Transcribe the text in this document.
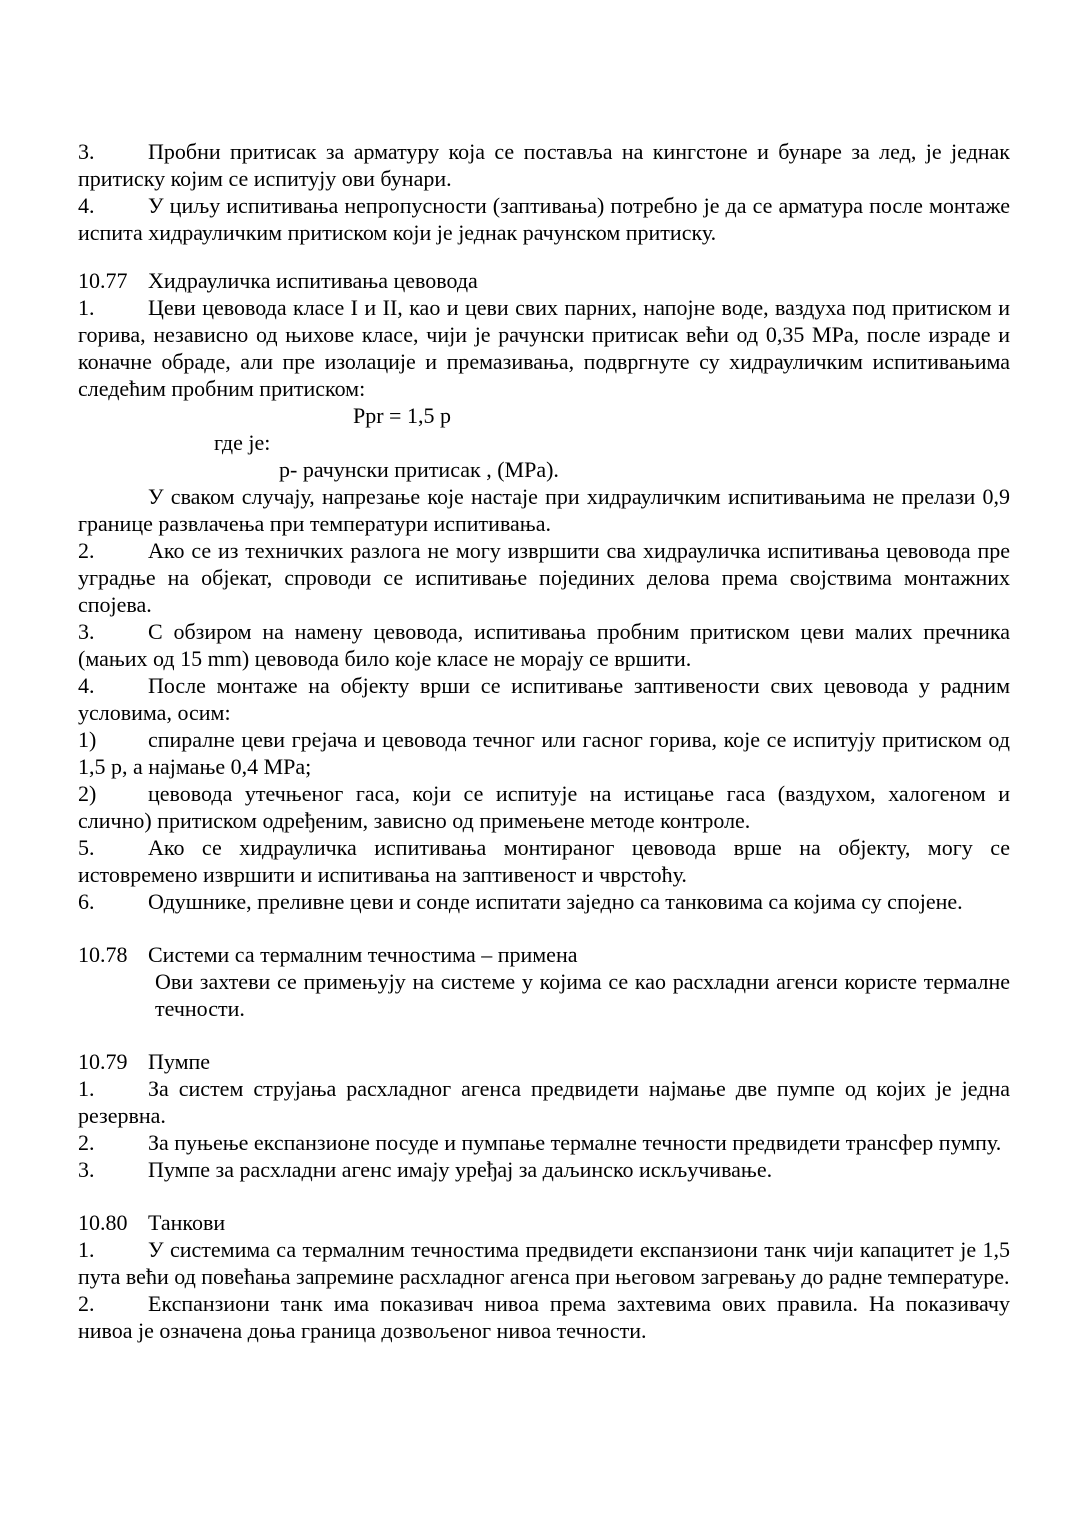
3. Пробни притисак за арматуру која се поставља на кингстоне и бунаре за лед, је једнак притиску којим се испитују ови бунари.

4. У циљу испитивања непропусности (заптивања) потребно је да се арматура после монтаже испита хидрауличким притиском који је једнак рачунском притиску.

10.77 Хидрауличка испитивања цевовода

1. Цеви цевовода класе I и II, као и цеви свих парних, напојне воде, ваздуха под притиском и горива, независно од њихове класе, чији је рачунски притисак већи од 0,35 MPa, после израде и коначне обраде, али пре изолације и премазивања, подвргнуте су хидрауличким испитивањима следећим пробним притиском:

Ppr = 1,5 p

где је:

p- рачунски притисак , (MPa).

У сваком случају, напрезање које настаје при хидрауличким испитивањима не прелази 0,9 границе развлачења при температури испитивања.

2. Ако се из техничких разлога не могу извршити сва хидрауличка испитивања цевовода пре уградње на објекат, спроводи се испитивање појединих делова према својствима монтажних спојева.

3. С обзиром на намену цевовода, испитивања пробним притиском цеви малих пречника (мањих од 15 mm) цевовода било које класе не морају се вршити.

4. После монтаже на објекту врши се испитивање заптивености свих цевовода у радним условима, осим:

1) спиралне цеви грејача и цевовода течног или гасног горива, које се испитују притиском од 1,5 p, а најмање 0,4 MPa;

2) цевовода утечњеног гаса, који се испитује на истицање гаса (ваздухом, халогеном и слично) притиском одређеним, зависно од примењене методе контроле.

5. Ако се хидрауличка испитивања монтираног цевовода врше на објекту, могу се истовремено извршити и испитивања на заптивеност и чврстоћу.

6. Одушнике, преливне цеви и сонде испитати заједно са танковима са којима су спојене.

10.78 Системи са термалним течностима – примена

Ови захтеви се примењују на системе у којима се као расхладни агенси користе термалне течности.

10.79 Пумпе

1. За систем струјања расхладног агенса предвидети најмање две пумпе од којих је једна резервна.

2. За пуњење експанзионе посуде и пумпање термалне течности предвидети трансфер пумпу.

3. Пумпе за расхладни агенс имају уређај за даљинско искључивање.

10.80 Танкови

1. У системима са термалним течностима предвидети експанзиони танк чији капацитет је 1,5 пута већи од повећања запремине расхладног агенса при његовом загревању до радне температуре.

2. Експанзиони танк има показивач нивоа према захтевима ових правила. На показивачу нивоа је означена доња граница дозвољеног нивоа течности.
